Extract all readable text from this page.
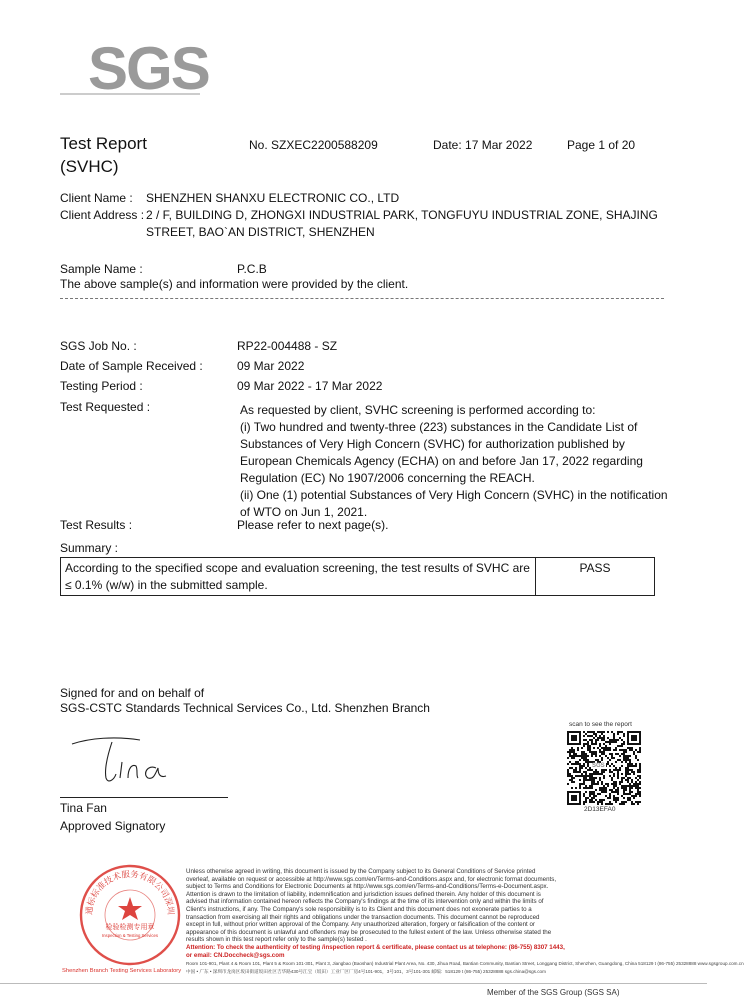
SGS
Test Report
(SVHC)
No. SZXEC2200588209	Date: 17 Mar 2022	Page 1 of 20
Client Name : SHENZHEN SHANXU ELECTRONIC CO., LTD
Client Address : 2 / F, BUILDING D, ZHONGXI INDUSTRIAL PARK, TONGFUYU INDUSTRIAL ZONE, SHAJING
STREET, BAO`AN DISTRICT, SHENZHEN
Sample Name :	P.C.B
The above sample(s) and information were provided by the client.
SGS Job No. :	RP22-004488 - SZ
Date of Sample Received :	09 Mar 2022
Testing Period :	09 Mar 2022 - 17 Mar 2022
Test Requested :	As requested by client, SVHC screening is performed according to:
(i) Two hundred and twenty-three (223) substances in the Candidate List of
Substances of Very High Concern (SVHC) for authorization published by
European Chemicals Agency (ECHA) on and before Jan 17, 2022 regarding
Regulation (EC) No 1907/2006 concerning the REACH.
(ii) One (1) potential Substances of Very High Concern (SVHC) in the notification
of WTO on Jun 1, 2021.
Test Results :	Please refer to next page(s).
Summary :
According to the specified scope and evaluation screening, the test results of SVHC are
≤ 0.1% (w/w) in the submitted sample.
PASS
Signed for and on behalf of
SGS-CSTC Standards Technical Services Co., Ltd. Shenzhen Branch
Tina Fan
Approved Signatory
scan to see the report
SGS
2D13EFA0
Unless otherwise agreed in writing, this document is issued by the Company subject to its General Conditions of Service printed
overleaf, available on request or accessible at http://www.sgs.com/en/Terms-and-Conditions.aspx and, for electronic format documents,
subject to Terms and Conditions for Electronic Documents at http://www.sgs.com/en/Terms-and-Conditions/Terms-e-Document.aspx.
Attention is drawn to the limitation of liability, indemnification and jurisdiction issues defined therein. Any holder of this document is
advised that information contained hereon reflects the Company's findings at the time of its intervention only and within the limits of
Client's instructions, if any. The Company's sole responsibility is to its Client and this document does not exonerate parties to a
transaction from exercising all their rights and obligations under the transaction documents. This document cannot be reproduced
except in full, without prior written approval of the Company. Any unauthorized alteration, forgery or falsification of the content or
appearance of this document is unlawful and offenders may be prosecuted to the fullest extent of the law. Unless otherwise stated the
results shown in this test report refer only to the sample(s) tested .
Attention: To check the authenticity of testing /inspection report & certificate, please contact us at telephone: (86-755) 8307 1443,
or email: CN.Doccheck@sgs.com
Room 101-901, Plant 4 & Room 101, Plant 5 & Room 101-301, Plant 3, Jiangbao (Baoshan) Industrial Plant Area, No. 430, Jihua Road, Bantian Community, Bantian Street, Longgang District, Shenzhen, Guangdong, China 518129 t (86-755) 25328888 www.sgsgroup.com.cn
中国 • 广东 • 深圳市龙岗区坂田街道坂田社区吉华路430号江宝（坂田）工业厂区厂房4号101-901，3号101，3号101-301 邮编：518129 t (86-755) 25328888 sgs.china@sgs.com
Member of the SGS Group (SGS SA)
通标标准技术服务有限公司深圳
检验检测专用章
Inspection & Testing Services
Shenzhen Branch Testing Services Laboratory
